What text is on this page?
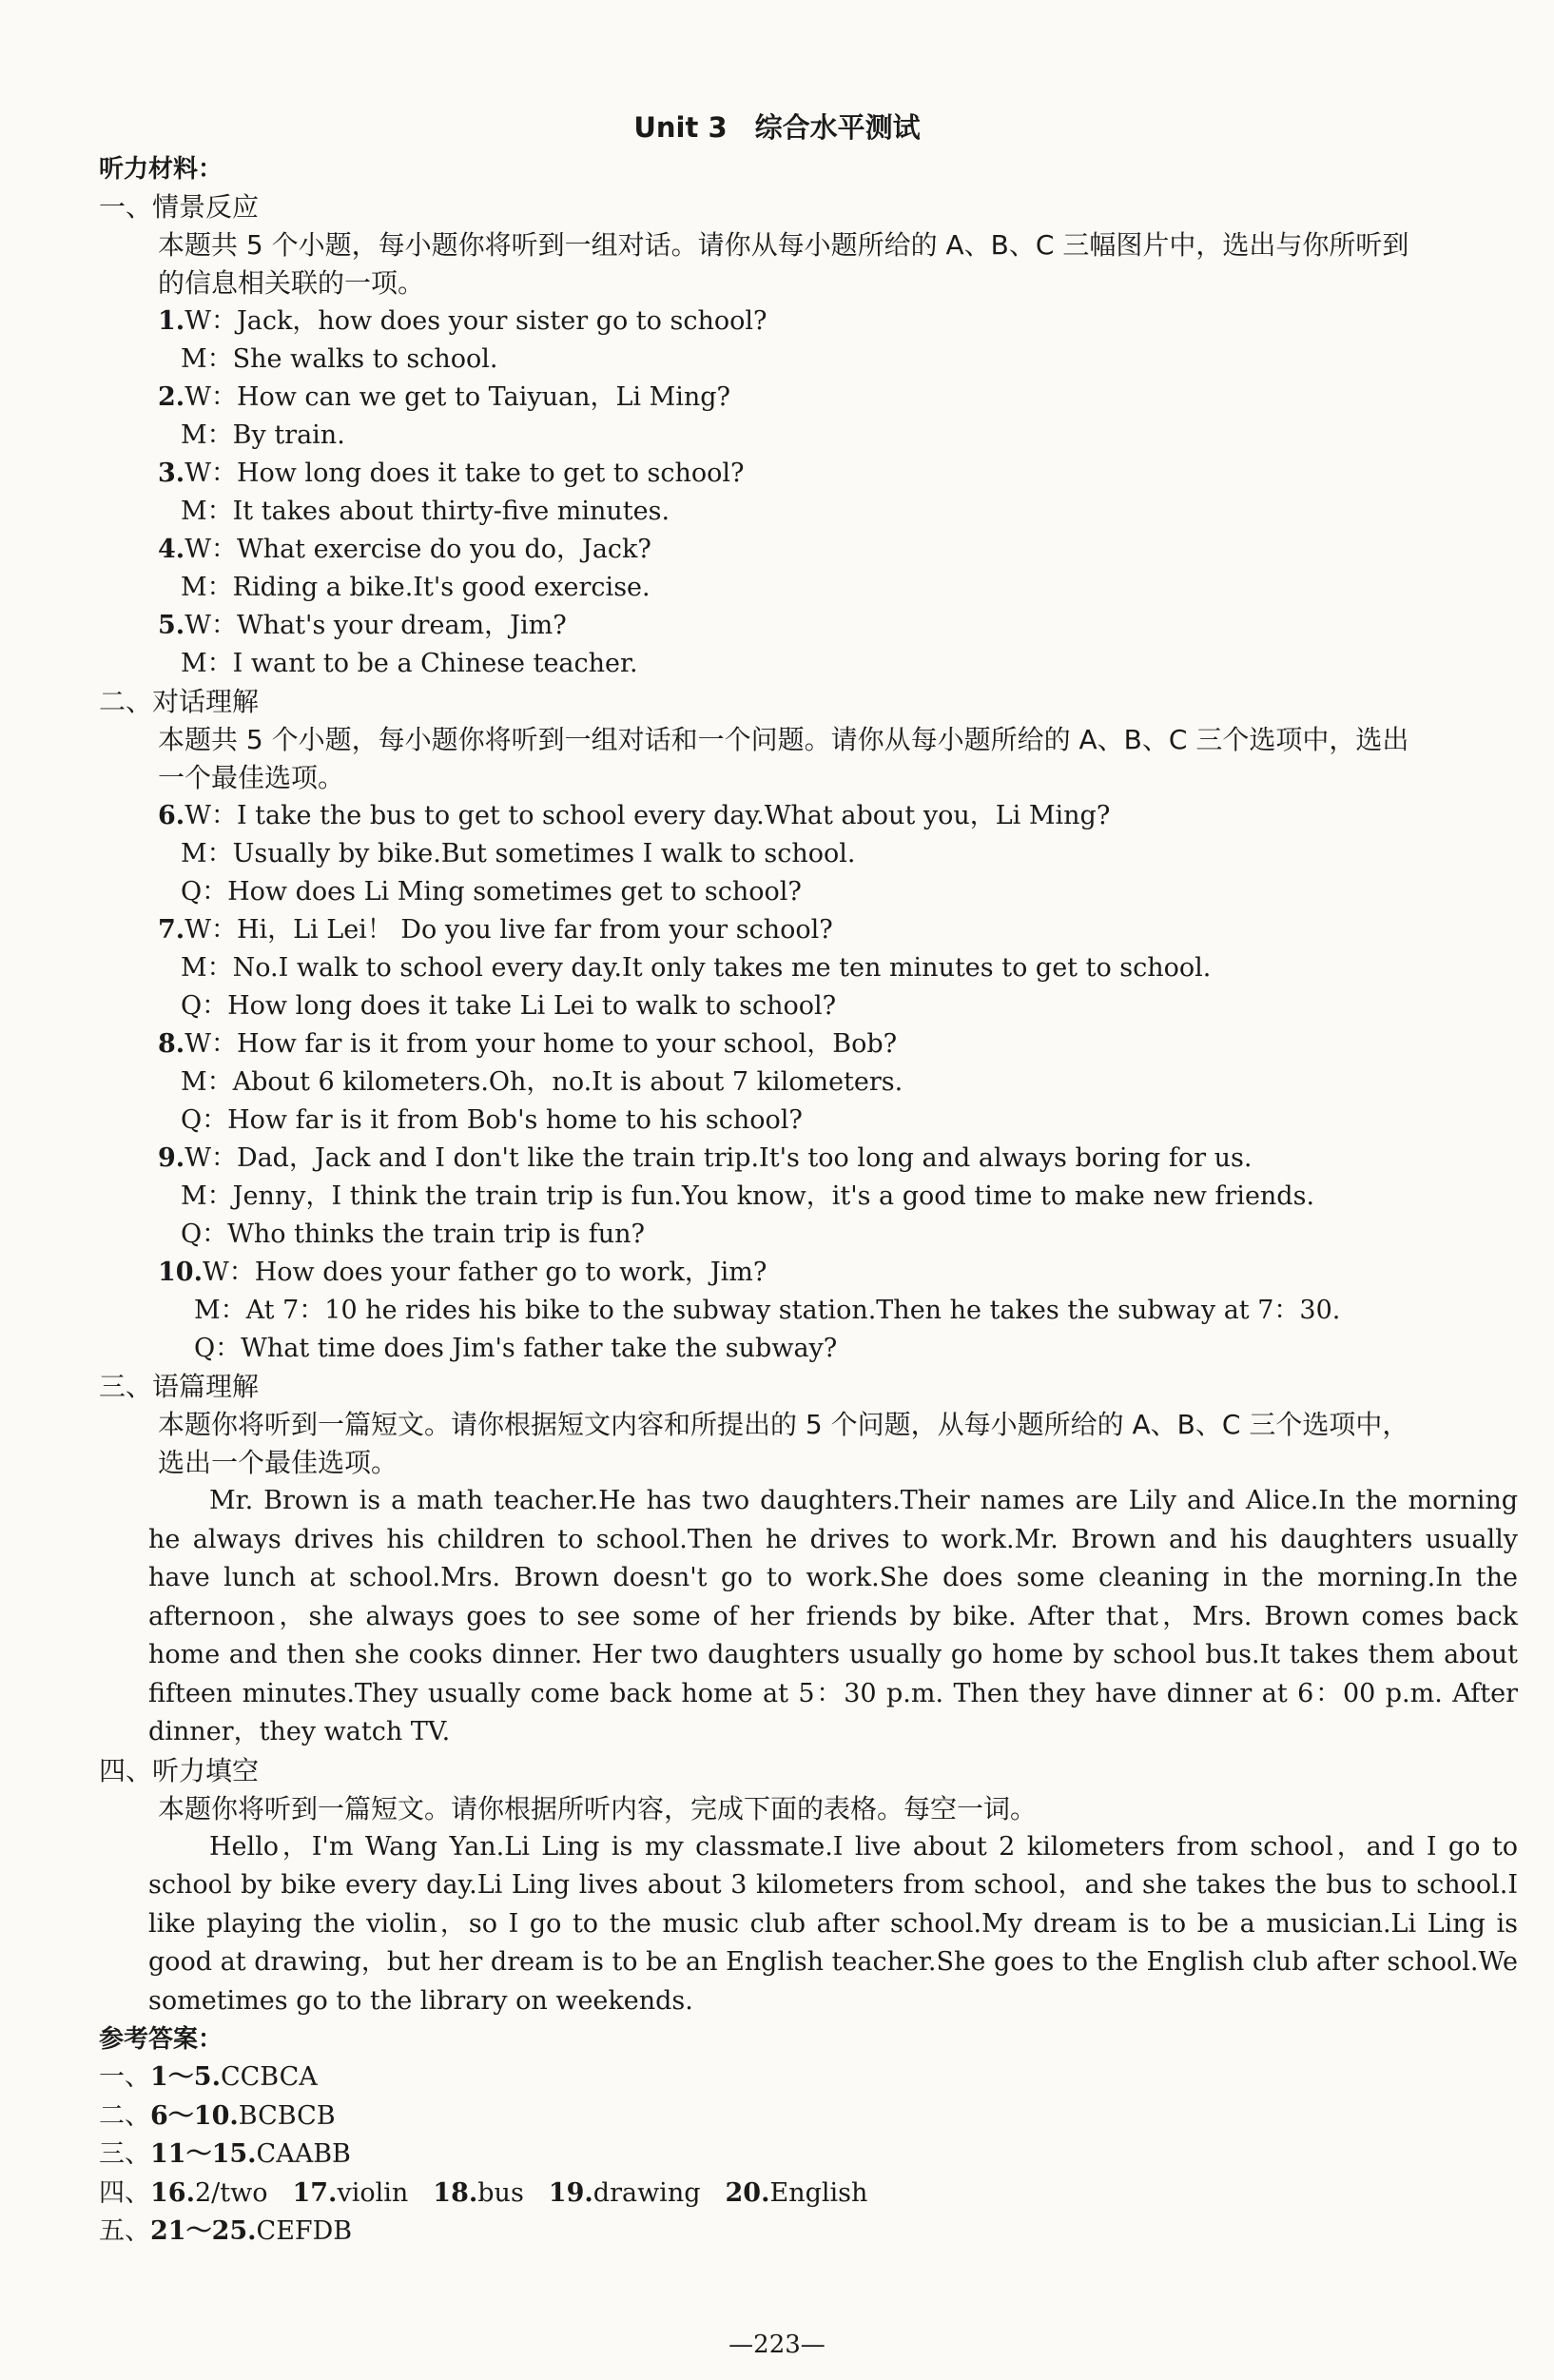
Unit 3　综合水平测试

听力材料：

一、情景反应

本题共 5 个小题，每小题你将听到一组对话。请你从每小题所给的 A、B、C 三幅图片中，选出与你所听到的信息相关联的一项。

1.W：Jack，how does your sister go to school?

M：She walks to school.

2.W：How can we get to Taiyuan，Li Ming?

M：By train.

3.W：How long does it take to get to school?

M：It takes about thirty-five minutes.

4.W：What exercise do you do，Jack?

M：Riding a bike.It's good exercise.

5.W：What's your dream，Jim?

M：I want to be a Chinese teacher.

二、对话理解

本题共 5 个小题，每小题你将听到一组对话和一个问题。请你从每小题所给的 A、B、C 三个选项中，选出一个最佳选项。

6.W：I take the bus to get to school every day.What about you，Li Ming?

M：Usually by bike.But sometimes I walk to school.

Q：How does Li Ming sometimes get to school?

7.W：Hi，Li Lei！ Do you live far from your school?

M：No.I walk to school every day.It only takes me ten minutes to get to school.

Q：How long does it take Li Lei to walk to school?

8.W：How far is it from your home to your school，Bob?

M：About 6 kilometers.Oh，no.It is about 7 kilometers.

Q：How far is it from Bob's home to his school?

9.W：Dad，Jack and I don't like the train trip.It's too long and always boring for us.

M：Jenny，I think the train trip is fun.You know，it's a good time to make new friends.

Q：Who thinks the train trip is fun?

10.W：How does your father go to work，Jim?

M：At 7：10 he rides his bike to the subway station.Then he takes the subway at 7：30.

Q：What time does Jim's father take the subway?

三、语篇理解

本题你将听到一篇短文。请你根据短文内容和所提出的 5 个问题，从每小题所给的 A、B、C 三个选项中，选出一个最佳选项。

Mr. Brown is a math teacher.He has two daughters.Their names are Lily and Alice.In the morning he always drives his children to school.Then he drives to work.Mr. Brown and his daughters usually have lunch at school.Mrs. Brown doesn't go to work.She does some cleaning in the morning.In the afternoon，she always goes to see some of her friends by bike. After that，Mrs. Brown comes back home and then she cooks dinner. Her two daughters usually go home by school bus.It takes them about fifteen minutes.They usually come back home at 5：30 p.m. Then they have dinner at 6：00 p.m. After dinner，they watch TV.

四、听力填空

本题你将听到一篇短文。请你根据所听内容，完成下面的表格。每空一词。

Hello，I'm Wang Yan.Li Ling is my classmate.I live about 2 kilometers from school，and I go to school by bike every day.Li Ling lives about 3 kilometers from school，and she takes the bus to school.I like playing the violin，so I go to the music club after school.My dream is to be a musician.Li Ling is good at drawing，but her dream is to be an English teacher.She goes to the English club after school.We sometimes go to the library on weekends.

参考答案：

一、1～5.CCBCA

二、6～10.BCBCB

三、11～15.CAABB

四、16.2/two 17.violin 18.bus 19.drawing 20.English

五、21～25.CEFDB

—223—
